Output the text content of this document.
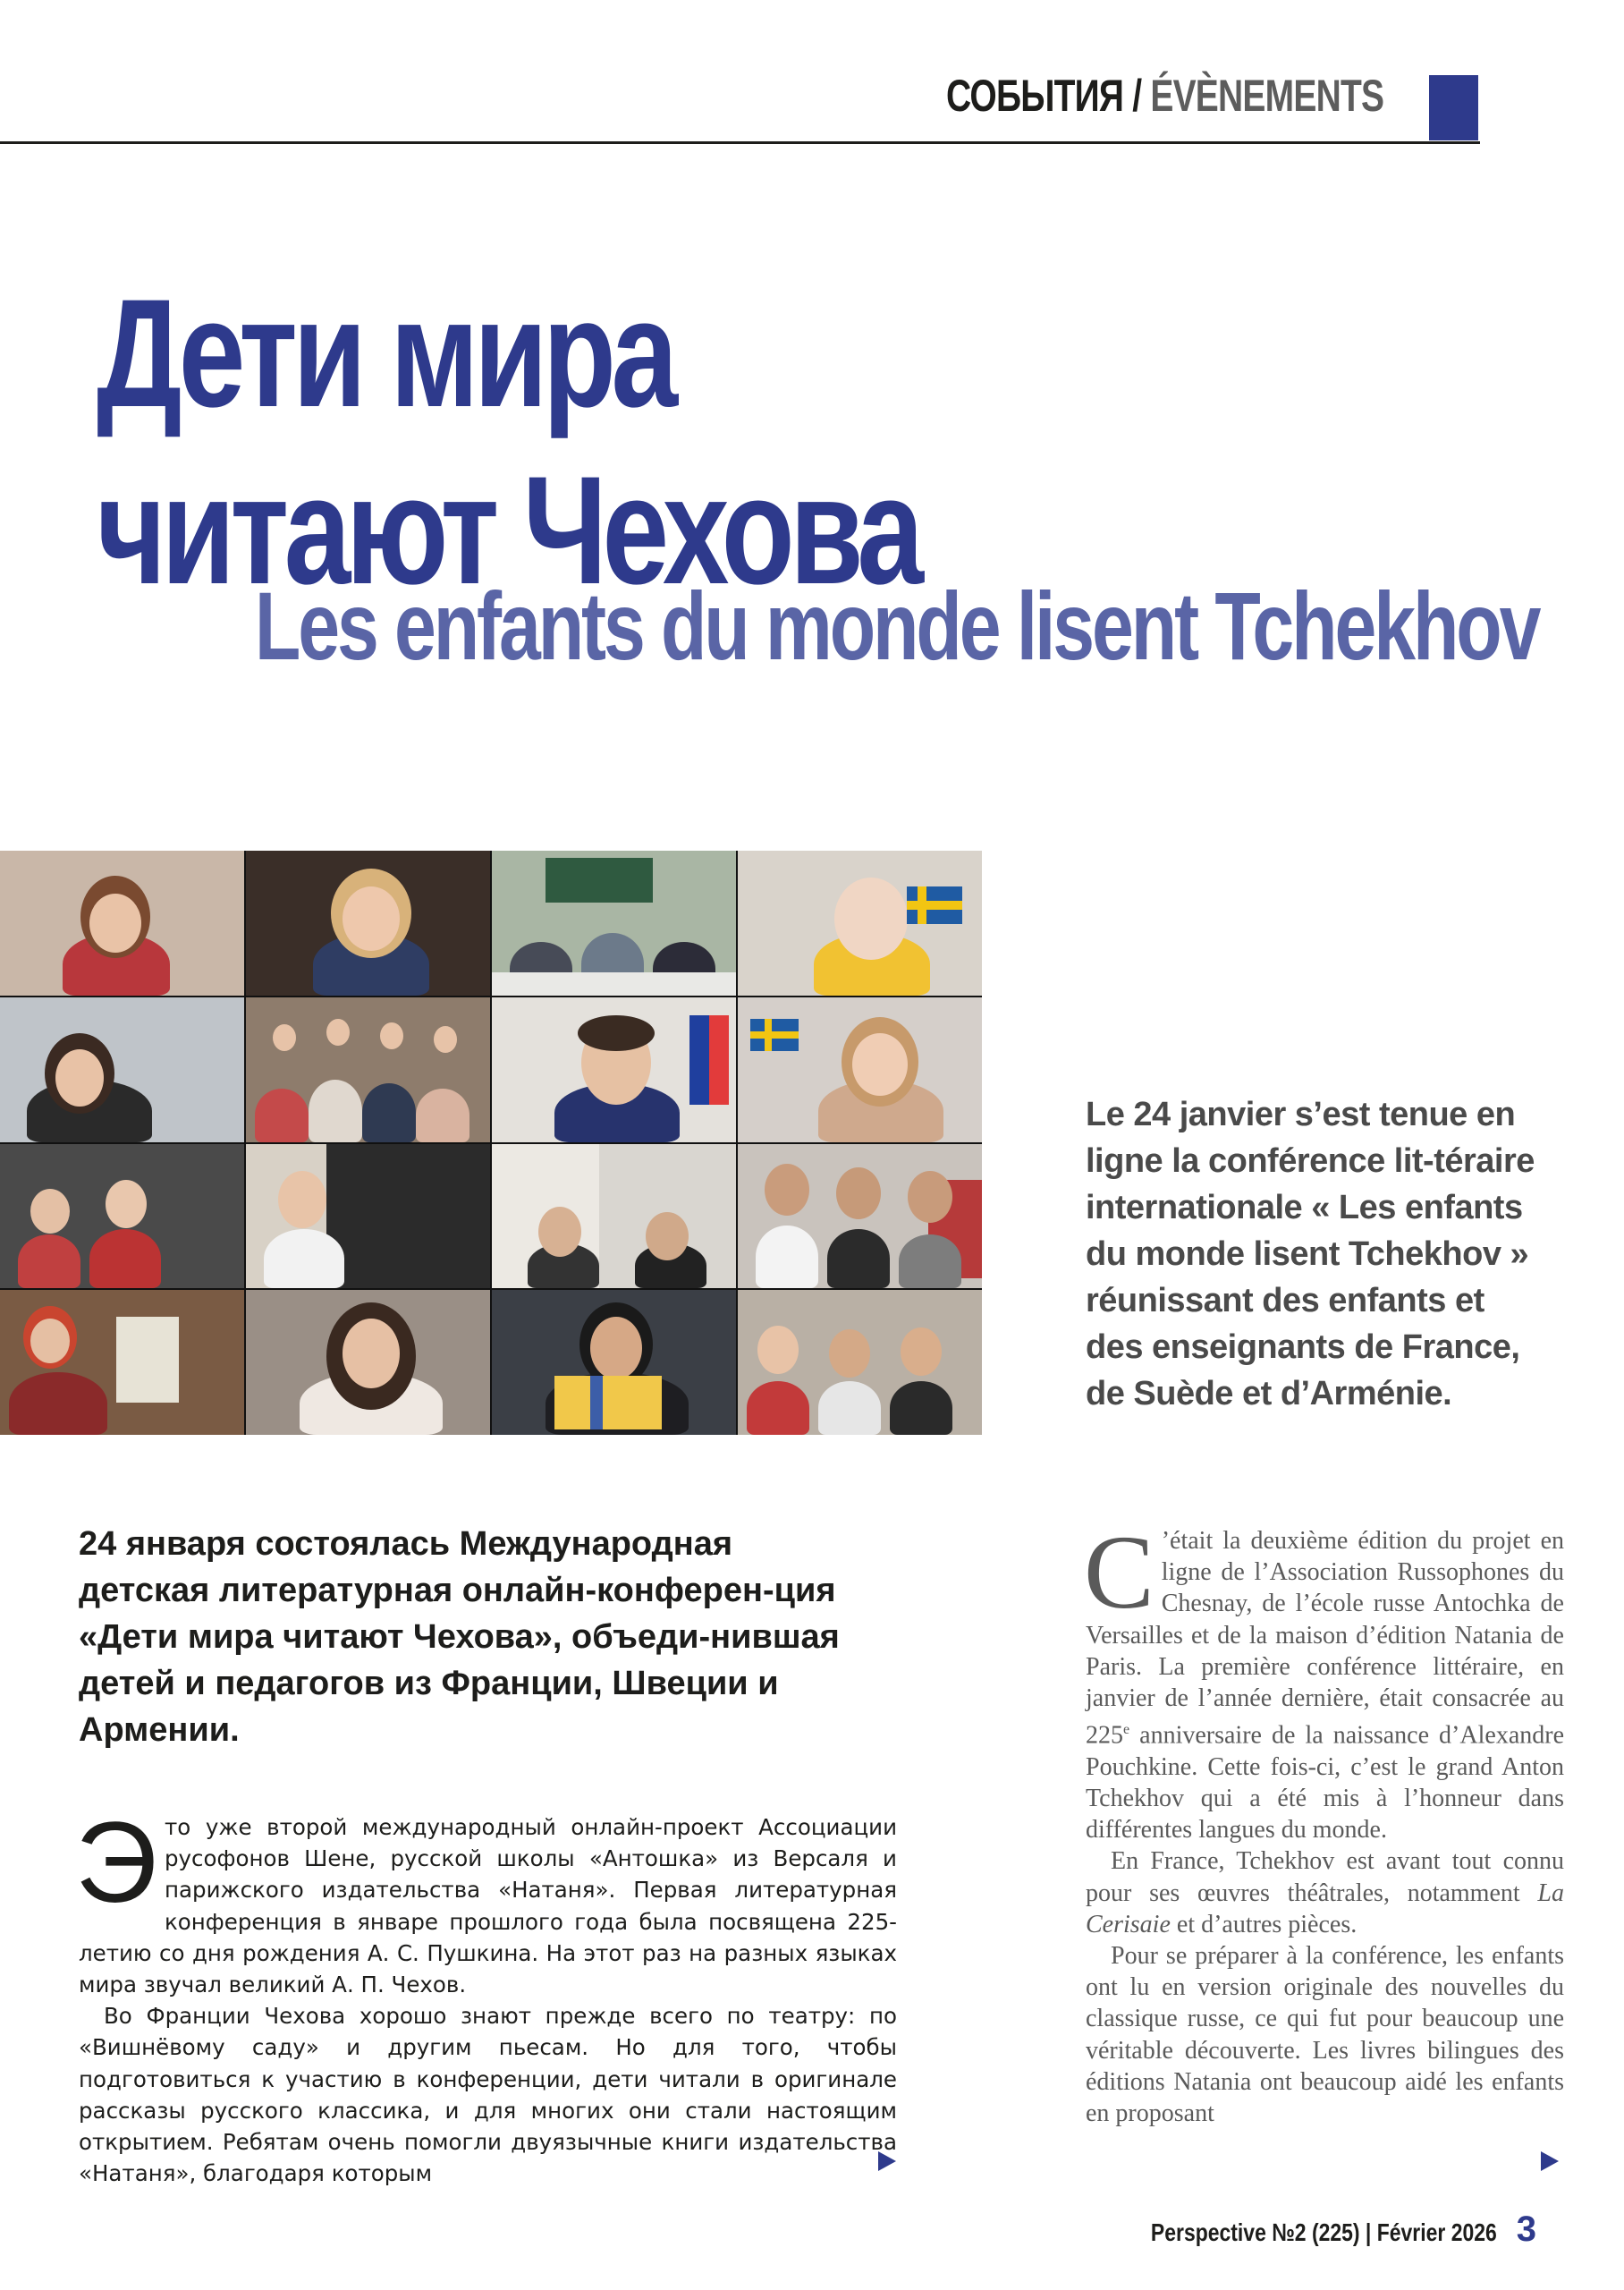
СОБЫТИЯ / ÉVÈNEMENTS
Дети мира
читают Чехова
Les enfants du monde lisent Tchekhov

Le 24 janvier s’est tenue en ligne la conférence lit-téraire internationale « Les enfants du monde lisent Tchekhov » réunissant des enfants et des enseignants de France, de Suède et d’Arménie.

24 января состоялась Международная детская литературная онлайн-конферен-ция «Дети мира читают Чехова», объеди-нившая детей и педагогов из Франции, Швеции и Армении.

Это уже второй международный онлайн-проект Ассоциации русофонов Шене, русской школы «Антошка» из Версаля и парижского издательства «Натаня». Первая литературная конференция в январе прошлого года была посвящена 225-летию со дня рождения А. С. Пушкина. На этот раз на разных языках мира звучал великий А. П. Чехов.

Во Франции Чехова хорошо знают прежде всего по театру: по «Вишнёвому саду» и другим пьесам. Но для того, чтобы подготовиться к участию в конференции, дети читали в оригинале рассказы русского классика, и для многих они стали настоящим открытием. Ребятам очень помогли двуязычные книги издательства «Натаня», благодаря которым

C ’était la deuxième édition du projet en ligne de l’Association Russophones du Chesnay, de l’école russe Antochka de Versailles et de la maison d’édition Natania de Paris. La première conférence littéraire, en janvier de l’année dernière, était consacrée au 225e anniversaire de la naissance d’Alexandre Pouchkine. Cette fois-ci, c’est le grand Anton Tchekhov qui a été mis à l’honneur dans différentes langues du monde.

En France, Tchekhov est avant tout connu pour ses œuvres théâtrales, notamment La Cerisaie et d’autres pièces.

Pour se préparer à la conférence, les enfants ont lu en version originale des nouvelles du classique russe, ce qui fut pour beaucoup une véritable découverte. Les livres bilingues des éditions Natania ont beaucoup aidé les enfants en proposant

Perspective №2 (225) | Février 2026 3
